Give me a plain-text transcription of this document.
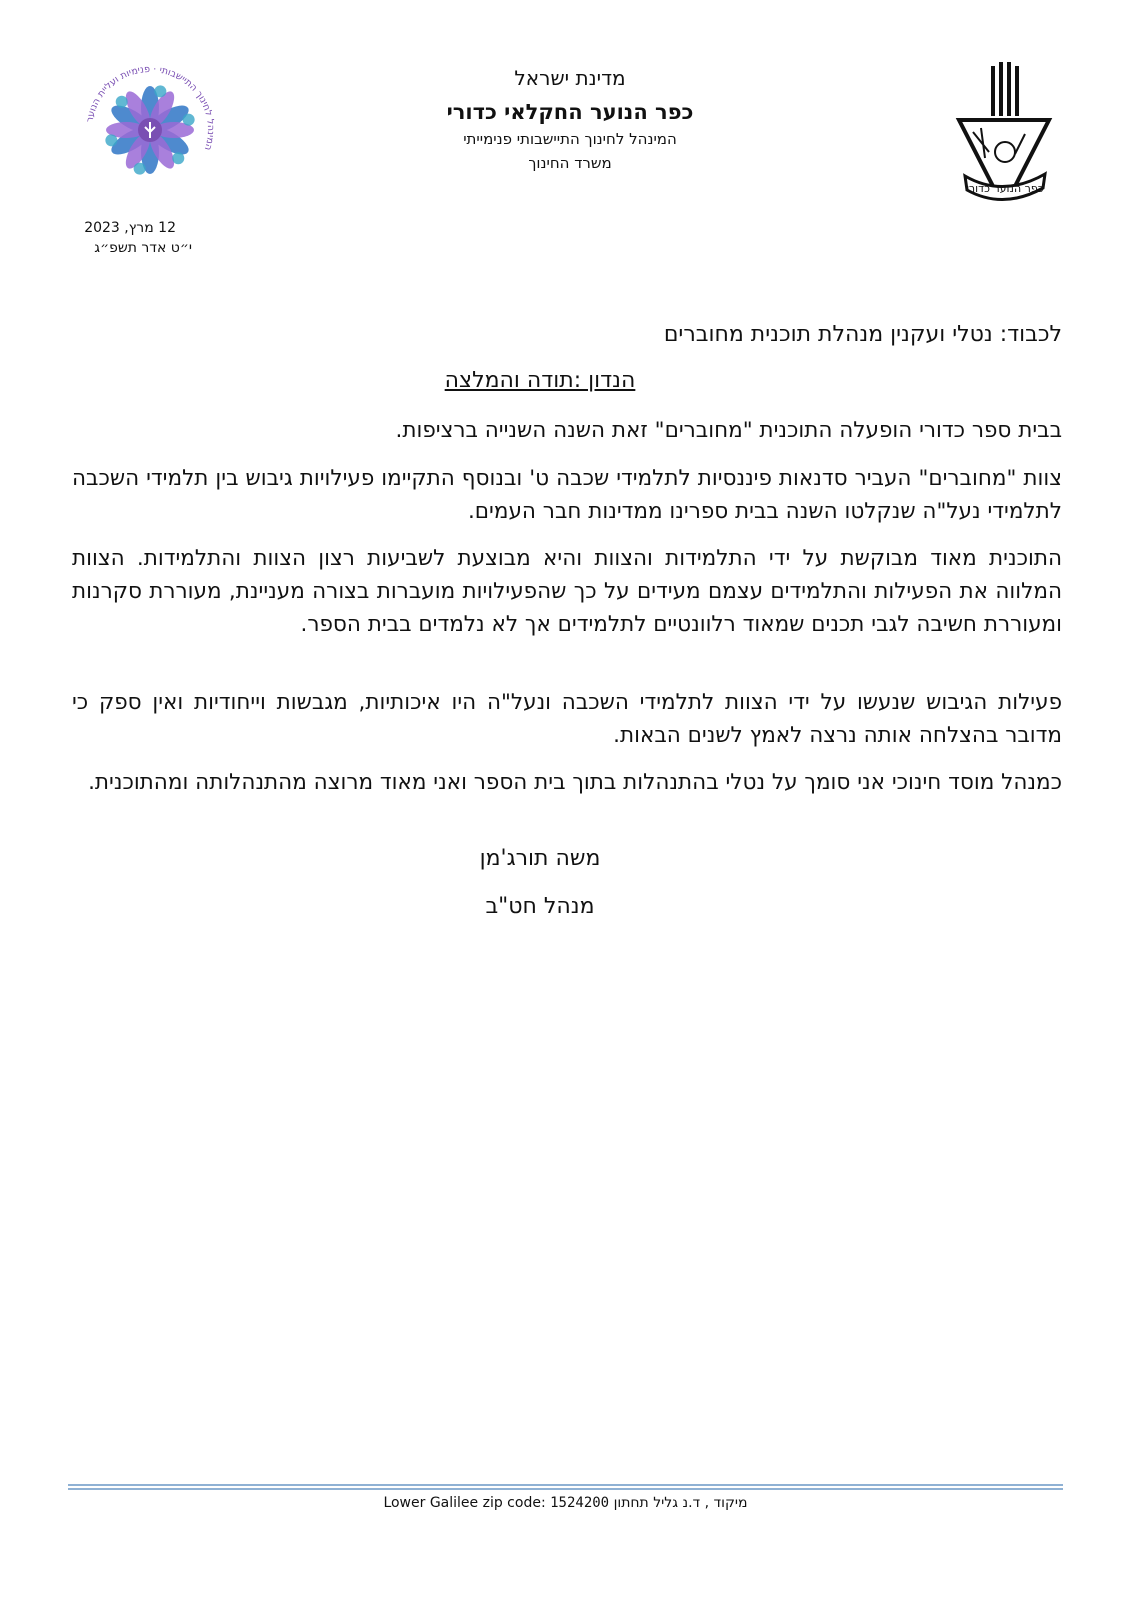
המינהל לחינוך התיישבותי · פנימיות ועליית הנוער
כפר הנוער כדורי
מדינת ישראל
כפר הנוער החקלאי כדורי
המינהל לחינוך התיישבותי פנימייתי
משרד החינוך
12 מרץ, 2023
י״ט אדר תשפ״ג
לכבוד: נטלי ועקנין מנהלת תוכנית מחוברים
הנדון :תודה והמלצה
בבית ספר כדורי הופעלה התוכנית "מחוברים" זאת השנה השנייה ברציפות.
צוות "מחוברים" העביר סדנאות פיננסיות לתלמידי שכבה ט' ובנוסף התקיימו פעילויות גיבוש בין תלמידי השכבה לתלמידי נעל"ה שנקלטו השנה בבית ספרינו ממדינות חבר העמים.
התוכנית מאוד מבוקשת על ידי התלמידות והצוות והיא מבוצעת לשביעות רצון הצוות והתלמידות. הצוות המלווה את הפעילות והתלמידים עצמם מעידים על כך שהפעילויות מועברות בצורה מעניינת, מעוררת סקרנות ומעוררת חשיבה לגבי תכנים שמאוד רלוונטיים לתלמידים אך לא נלמדים בבית הספר.
פעילות הגיבוש שנעשו על ידי הצוות לתלמידי השכבה ונעל"ה היו איכותיות, מגבשות וייחודיות ואין ספק כי מדובר בהצלחה אותה נרצה לאמץ לשנים הבאות.
כמנהל מוסד חינוכי אני סומך על נטלי בהתנהלות בתוך בית הספר ואני מאוד מרוצה מהתנהלותה ומהתוכנית.
משה תורג'מן
מנהל חט"ב
Lower Galilee zip code: 1524200 מיקוד , ד.נ גליל תחתון
